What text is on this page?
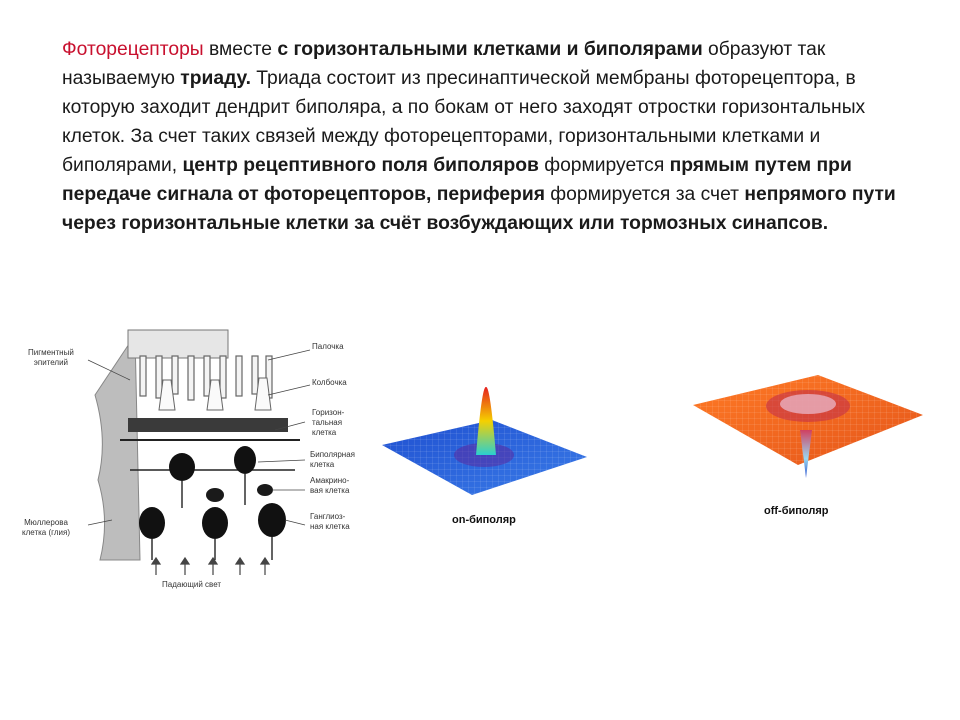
Фоторецепторы вместе с горизонтальными клетками и биполярами образуют так называемую триаду. Триада состоит из пресинаптической мембраны фоторецептора, в которую заходит дендрит биполяра, а по бокам от него заходят отростки горизонтальных клеток. За счет таких связей между фоторецепторами, горизонтальными клетками и биполярами, центр рецептивного поля биполяров формируется прямым путем при передаче сигнала от фоторецепторов, периферия формируется за счет непрямого пути через горизонтальные клетки за счёт возбуждающих или тормозных синапсов.

Пигментный
эпителий
Мюллерова
клетка (глия)
Палочка
Колбочка
Горизон-
тальная
клетка
Биполярная
клетка
Амакрино-
вая клетка
Ганглиоз-
ная клетка
Падающий свет
on-биполяр
off-биполяр
